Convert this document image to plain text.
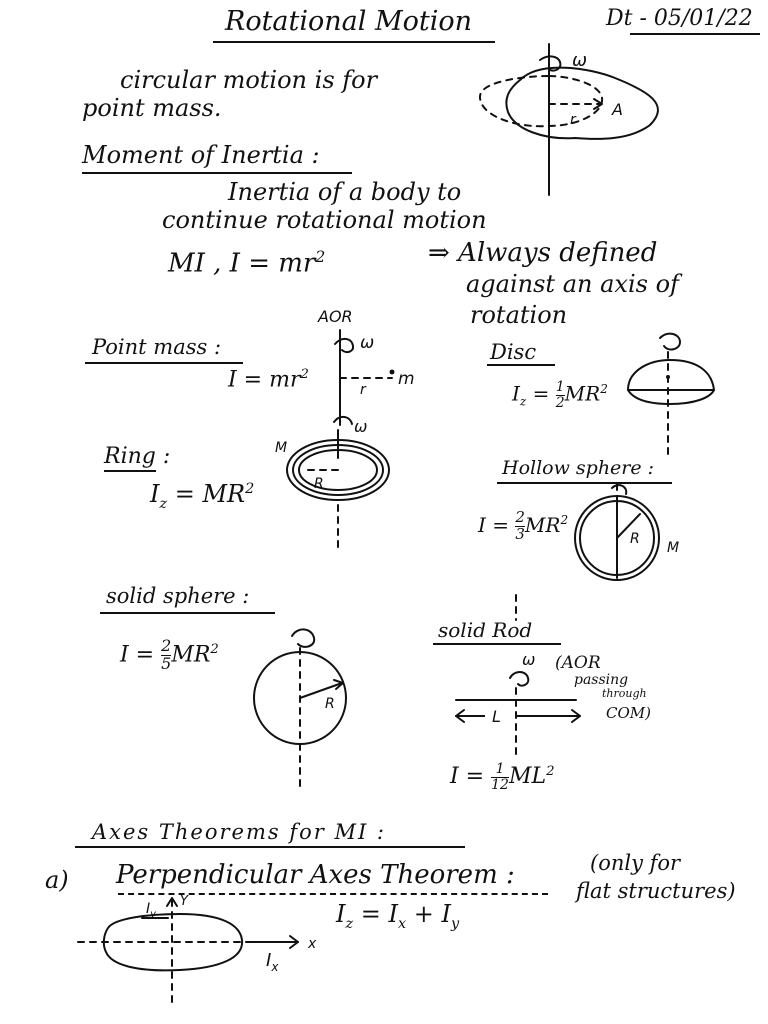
Rotational Motion	Dt - 05/01/22
circular motion is for
point mass.
Moment of Inertia :
Inertia of a body to
continue rotational motion
MI , $I = mr^2$	⇒ Always defined
against an axis of
rotation
Point mass :
$I = mr^2$
Disc
$I_z = \frac{1}{2} MR^2$
Ring :
$I_z = MR^2$
Hollow sphere :
$I = \frac{2}{3} MR^2$
solid sphere :
$I = \frac{2}{5} MR^2$
solid Rod
(AOR
passing
through
COM)
$I = \frac{1}{12} ML^2$
Axes Theorems for MI :
a) Perpendicular Axes Theorem :	(only for
flat structures)
$I_z = I_x + I_y$
ω
r
A
AOR
ω
r
m
ω
R
M
R
M
R
ω
L
x
Y
$I_y$
$I_x$
